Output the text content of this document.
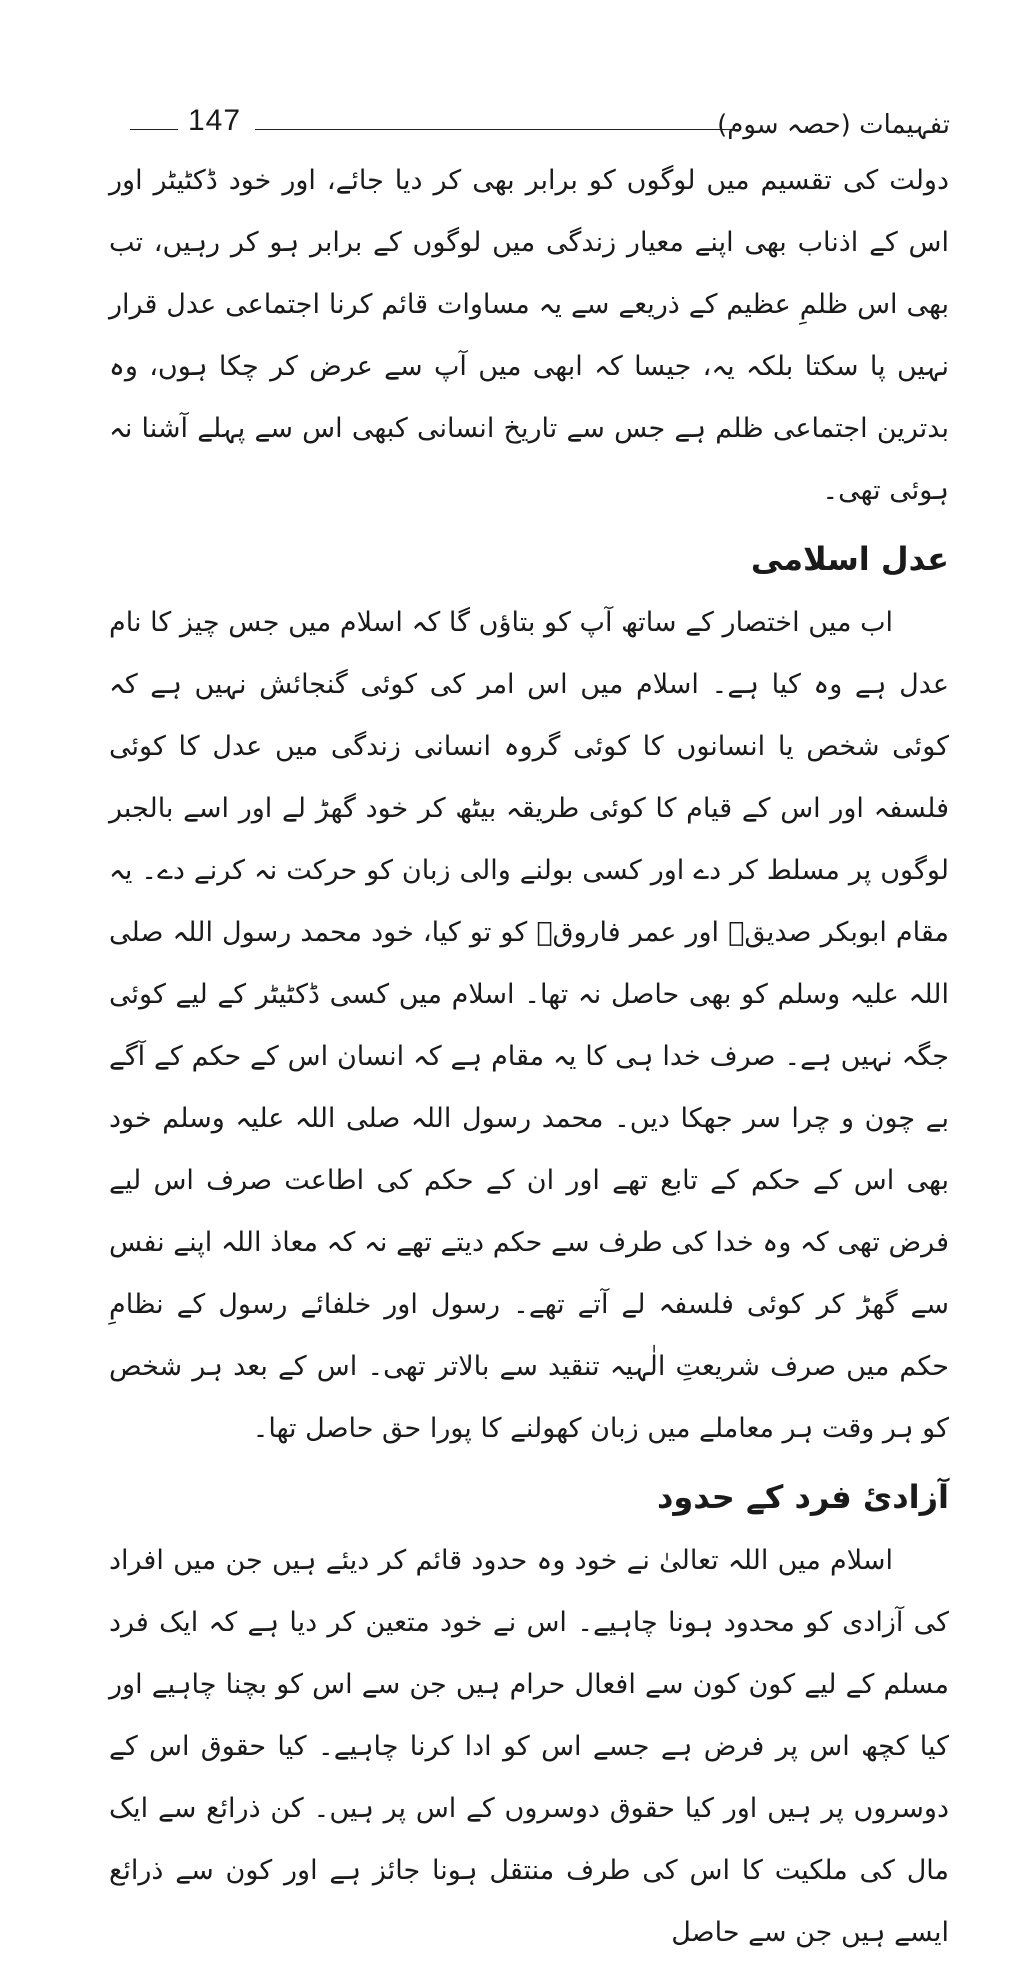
تفہیمات (حصہ سوم)
147

دولت کی تقسیم میں لوگوں کو برابر بھی کر دیا جائے، اور خود ڈکٹیٹر اور اس کے اذناب بھی اپنے معیار زندگی میں لوگوں کے برابر ہو کر رہیں، تب بھی اس ظلمِ عظیم کے ذریعے سے یہ مساوات قائم کرنا اجتماعی عدل قرار نہیں پا سکتا بلکہ یہ، جیسا کہ ابھی میں آپ سے عرض کر چکا ہوں، وہ بدترین اجتماعی ظلم ہے جس سے تاریخ انسانی کبھی اس سے پہلے آشنا نہ ہوئی تھی۔

عدل اسلامی

اب میں اختصار کے ساتھ آپ کو بتاؤں گا کہ اسلام میں جس چیز کا نام عدل ہے وہ کیا ہے۔ اسلام میں اس امر کی کوئی گنجائش نہیں ہے کہ کوئی شخص یا انسانوں کا کوئی گروہ انسانی زندگی میں عدل کا کوئی فلسفہ اور اس کے قیام کا کوئی طریقہ بیٹھ کر خود گھڑ لے اور اسے بالجبر لوگوں پر مسلط کر دے اور کسی بولنے والی زبان کو حرکت نہ کرنے دے۔ یہ مقام ابوبکر صدیقؓ اور عمر فاروقؓ کو تو کیا، خود محمد رسول اللہ صلی اللہ علیہ وسلم کو بھی حاصل نہ تھا۔ اسلام میں کسی ڈکٹیٹر کے لیے کوئی جگہ نہیں ہے۔ صرف خدا ہی کا یہ مقام ہے کہ انسان اس کے حکم کے آگے بے چون و چرا سر جھکا دیں۔ محمد رسول اللہ صلی اللہ علیہ وسلم خود بھی اس کے حکم کے تابع تھے اور ان کے حکم کی اطاعت صرف اس لیے فرض تھی کہ وہ خدا کی طرف سے حکم دیتے تھے نہ کہ معاذ اللہ اپنے نفس سے گھڑ کر کوئی فلسفہ لے آتے تھے۔ رسول اور خلفائے رسول کے نظامِ حکم میں صرف شریعتِ الٰہیہ تنقید سے بالاتر تھی۔ اس کے بعد ہر شخص کو ہر وقت ہر معاملے میں زبان کھولنے کا پورا حق حاصل تھا۔

آزادیٔ فرد کے حدود

اسلام میں اللہ تعالیٰ نے خود وہ حدود قائم کر دیئے ہیں جن میں افراد کی آزادی کو محدود ہونا چاہیے۔ اس نے خود متعین کر دیا ہے کہ ایک فرد مسلم کے لیے کون کون سے افعال حرام ہیں جن سے اس کو بچنا چاہیے اور کیا کچھ اس پر فرض ہے جسے اس کو ادا کرنا چاہیے۔ کیا حقوق اس کے دوسروں پر ہیں اور کیا حقوق دوسروں کے اس پر ہیں۔ کن ذرائع سے ایک مال کی ملکیت کا اس کی طرف منتقل ہونا جائز ہے اور کون سے ذرائع ایسے ہیں جن سے حاصل
